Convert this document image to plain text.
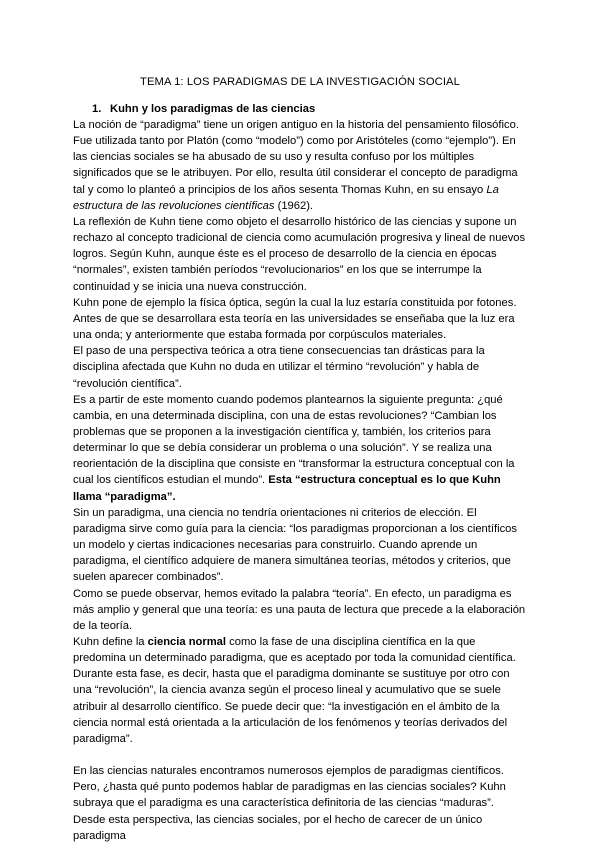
TEMA 1: LOS PARADIGMAS DE LA INVESTIGACIÓN SOCIAL
1. Kuhn y los paradigmas de las ciencias

La noción de “paradigma” tiene un origen antiguo en la historia del pensamiento filosófico. Fue utilizada tanto por Platón (como “modelo”) como por Aristóteles (como “ejemplo”). En las ciencias sociales se ha abusado de su uso y resulta confuso por los múltiples significados que se le atribuyen. Por ello, resulta útil considerar el concepto de paradigma tal y como lo planteó a principios de los años sesenta Thomas Kuhn, en su ensayo La estructura de las revoluciones científicas (1962).

La reflexión de Kuhn tiene como objeto el desarrollo histórico de las ciencias y supone un rechazo al concepto tradicional de ciencia como acumulación progresiva y lineal de nuevos logros. Según Kuhn, aunque éste es el proceso de desarrollo de la ciencia en épocas “normales”, existen también períodos “revolucionarios” en los que se interrumpe la continuidad y se inicia una nueva construcción.

Kuhn pone de ejemplo la física óptica, según la cual la luz estaría constituida por fotones. Antes de que se desarrollara esta teoría en las universidades se enseñaba que la luz era una onda; y anteriormente que estaba formada por corpúsculos materiales.

El paso de una perspectiva teórica a otra tiene consecuencias tan drásticas para la disciplina afectada que Kuhn no duda en utilizar el término “revolución” y habla de “revolución científica”.

Es a partir de este momento cuando podemos plantearnos la siguiente pregunta: ¿qué cambia, en una determinada disciplina, con una de estas revoluciones? “Cambian los problemas que se proponen a la investigación científica y, también, los criterios para determinar lo que se debía considerar un problema o una solución”. Y se realiza una reorientación de la disciplina que consiste en “transformar la estructura conceptual con la cual los científicos estudian el mundo”. Esta “estructura conceptual es lo que Kuhn llama “paradigma”.

Sin un paradigma, una ciencia no tendría orientaciones ni criterios de elección. El paradigma sirve como guía para la ciencia: “los paradigmas proporcionan a los científicos un modelo y ciertas indicaciones necesarias para construirlo. Cuando aprende un paradigma, el científico adquiere de manera simultánea teorías, métodos y criterios, que suelen aparecer combinados”.

Como se puede observar, hemos evitado la palabra “teoría”. En efecto, un paradigma es más amplio y general que una teoría: es una pauta de lectura que precede a la elaboración de la teoría.

Kuhn define la ciencia normal como la fase de una disciplina científica en la que predomina un determinado paradigma, que es aceptado por toda la comunidad científica. Durante esta fase, es decir, hasta que el paradigma dominante se sustituye por otro con una “revolución”, la ciencia avanza según el proceso lineal y acumulativo que se suele atribuir al desarrollo científico. Se puede decir que: “la investigación en el ámbito de la ciencia normal está orientada a la articulación de los fenómenos y teorías derivados del paradigma”.

En las ciencias naturales encontramos numerosos ejemplos de paradigmas científicos. Pero, ¿hasta qué punto podemos hablar de paradigmas en las ciencias sociales? Kuhn subraya que el paradigma es una característica definitoria de las ciencias “maduras”. Desde esta perspectiva, las ciencias sociales, por el hecho de carecer de un único paradigma
